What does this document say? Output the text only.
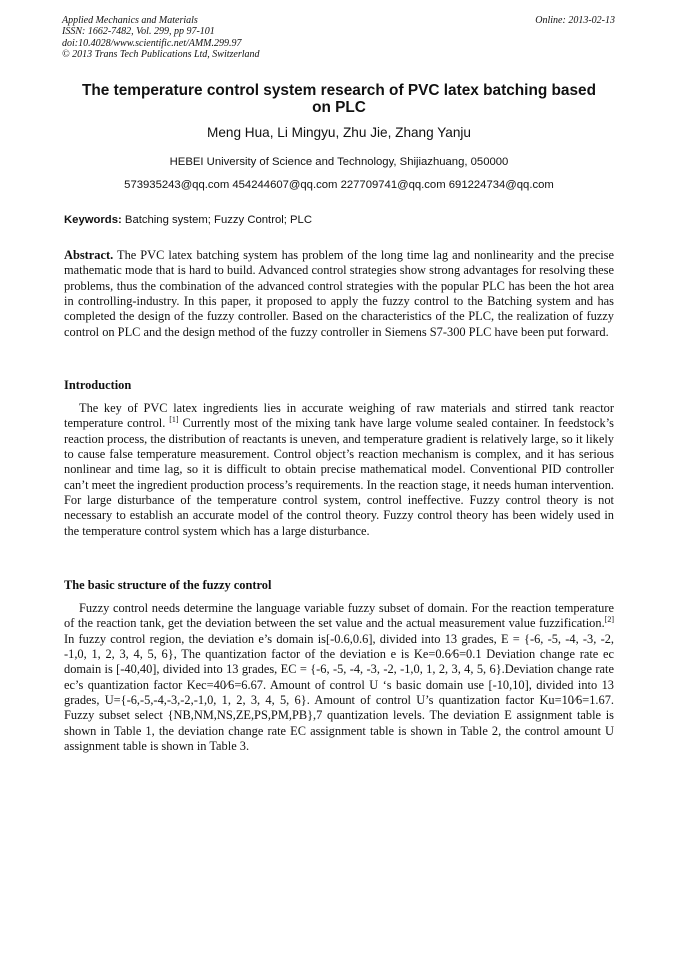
Applied Mechanics and Materials
ISSN: 1662-7482, Vol. 299, pp 97-101
doi:10.4028/www.scientific.net/AMM.299.97
© 2013 Trans Tech Publications Ltd, Switzerland
Online: 2013-02-13
The temperature control system research of PVC latex batching based
on PLC
Meng Hua, Li Mingyu, Zhu Jie, Zhang Yanju
HEBEI University of Science and Technology, Shijiazhuang, 050000
573935243@qq.com 454244607@qq.com 227709741@qq.com 691224734@qq.com
Keywords: Batching system; Fuzzy Control; PLC

Abstract. The PVC latex batching system has problem of the long time lag and nonlinearity and the precise mathematic mode that is hard to build. Advanced control strategies show strong advantages for resolving these problems, thus the combination of the advanced control strategies with the popular PLC has been the hot area in controlling-industry. In this paper, it proposed to apply the fuzzy control to the Batching system and has completed the design of the fuzzy controller. Based on the characteristics of the PLC, the realization of fuzzy control on PLC and the design method of the fuzzy controller in Siemens S7-300 PLC have been put forward.

Introduction

The key of PVC latex ingredients lies in accurate weighing of raw materials and stirred tank reactor temperature control. [1] Currently most of the mixing tank have large volume sealed container. In feedstock’s reaction process, the distribution of reactants is uneven, and temperature gradient is relatively large, so it likely to cause false temperature measurement. Control object’s reaction mechanism is complex, and it has serious nonlinear and time lag, so it is difficult to obtain precise mathematical model. Conventional PID controller can’t meet the ingredient production process’s requirements. In the reaction stage, it needs human intervention. For large disturbance of the temperature control system, control ineffective. Fuzzy control theory is not necessary to establish an accurate model of the control theory. Fuzzy control theory has been widely used in the temperature control system which has a large disturbance.

The basic structure of the fuzzy control

Fuzzy control needs determine the language variable fuzzy subset of domain. For the reaction temperature of the reaction tank, get the deviation between the set value and the actual measurement value fuzzification.[2] In fuzzy control region, the deviation e’s domain is[-0.6,0.6], divided into 13 grades, E = {-6, -5, -4, -3, -2, -1,0, 1, 2, 3, 4, 5, 6}, The quantization factor of the deviation e is Ke=0.6⁄6=0.1 Deviation change rate ec domain is [-40,40], divided into 13 grades, EC = {-6, -5, -4, -3, -2, -1,0, 1, 2, 3, 4, 5, 6}.Deviation change rate ec’s quantization factor Kec=40⁄6=6.67. Amount of control U ‘s basic domain use [-10,10], divided into 13 grades, U={-6,-5,-4,-3,-2,-1,0, 1, 2, 3, 4, 5, 6}. Amount of control U’s quantization factor Ku=10⁄6=1.67. Fuzzy subset select {NB,NM,NS,ZE,PS,PM,PB},7 quantization levels. The deviation E assignment table is shown in Table 1, the deviation change rate EC assignment table is shown in Table 2, the control amount U assignment table is shown in Table 3.
